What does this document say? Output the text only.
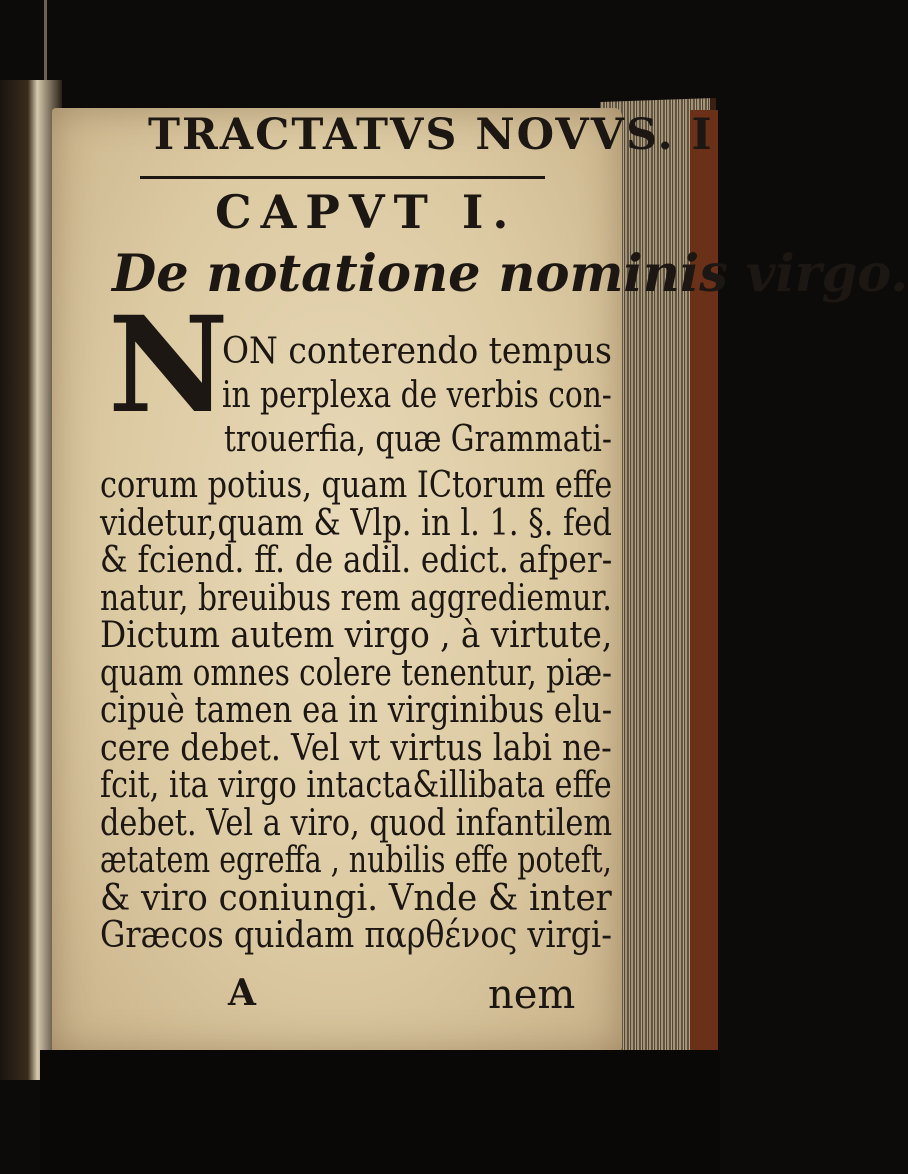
TRACTATVS NOVVS. I
CAPVT I.
De notatione nominis virgo.
N
ON conterendo tempus
in perplexa de verbis con-
trouerfia, quæ Grammati-
corum potius, quam ICtorum effe
videtur,quam & Vlp. in l. 1. §. fed
& fciend. ff. de adil. edict. afper-
natur, breuibus rem aggrediemur.
Dictum autem virgo , à virtute,
quam omnes colere tenentur, piæ-
cipuè tamen ea in virginibus elu-
cere debet. Vel vt virtus labi ne-
fcit, ita virgo intacta&illibata effe
debet. Vel a viro, quod infantilem
ætatem egreffa , nubilis effe poteft,
& viro coniungi. Vnde & inter
Græcos quidam παρθένος virgi-
A	nem
